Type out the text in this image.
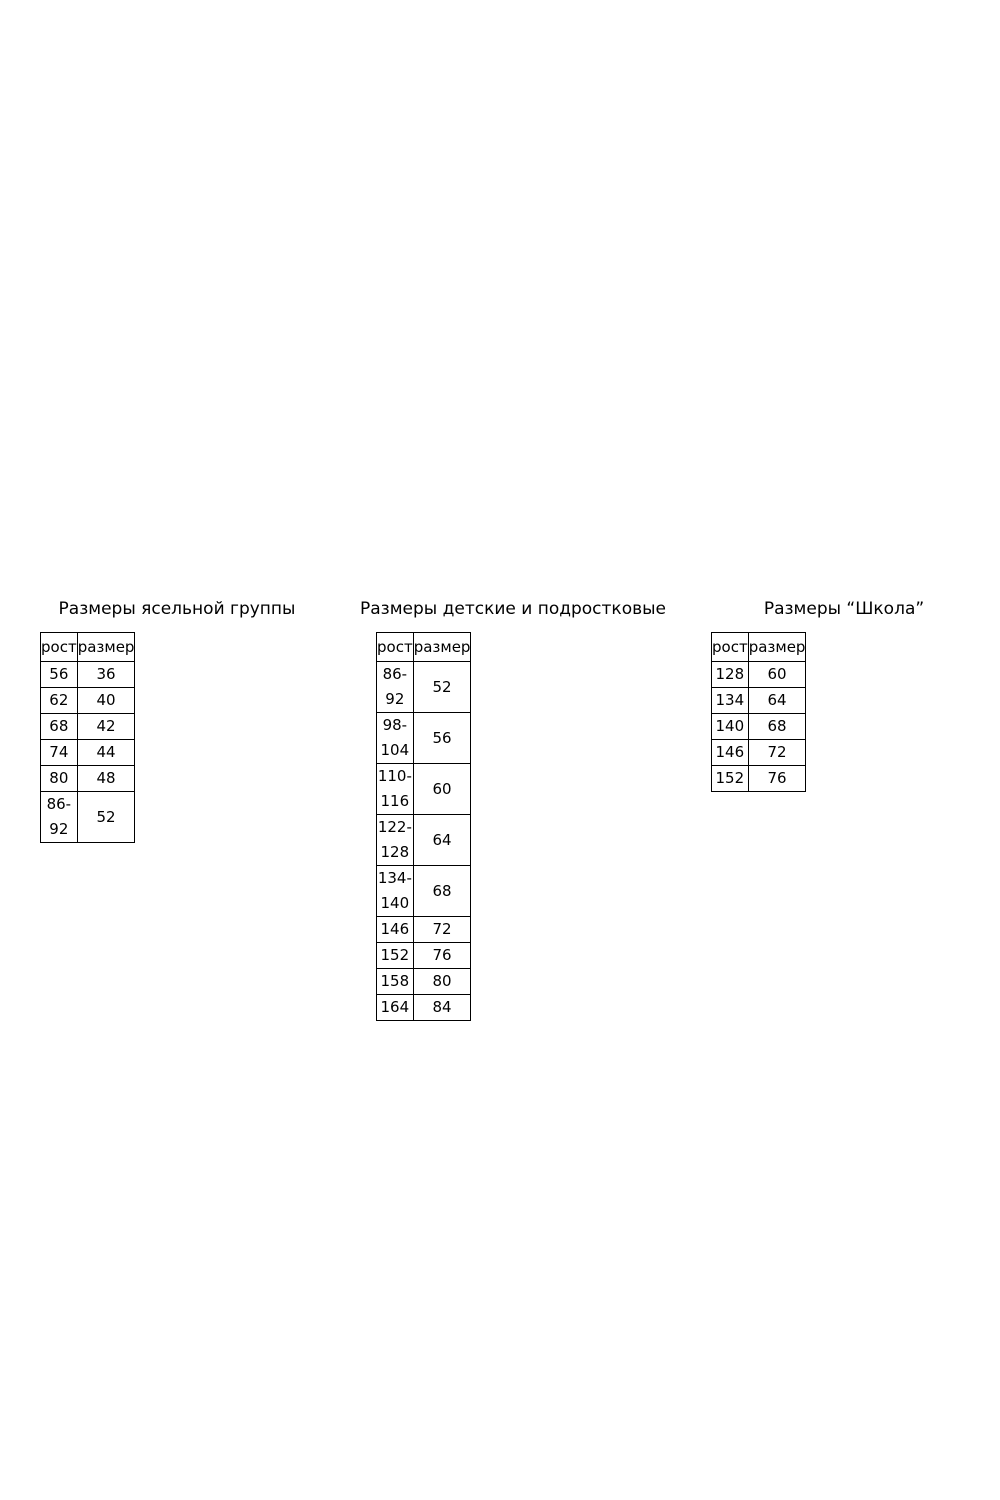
Размеры ясельной группы
рост	размер
56	36
62	40
68	42
74	44
80	48
86-92	52
Размеры детские и подростковые
рост	размер
86-92	52
98-104	56
110-116	60
122-128	64
134-140	68
146	72
152	76
158	80
164	84
Размеры “Школа”
рост	размер
128	60
134	64
140	68
146	72
152	76
